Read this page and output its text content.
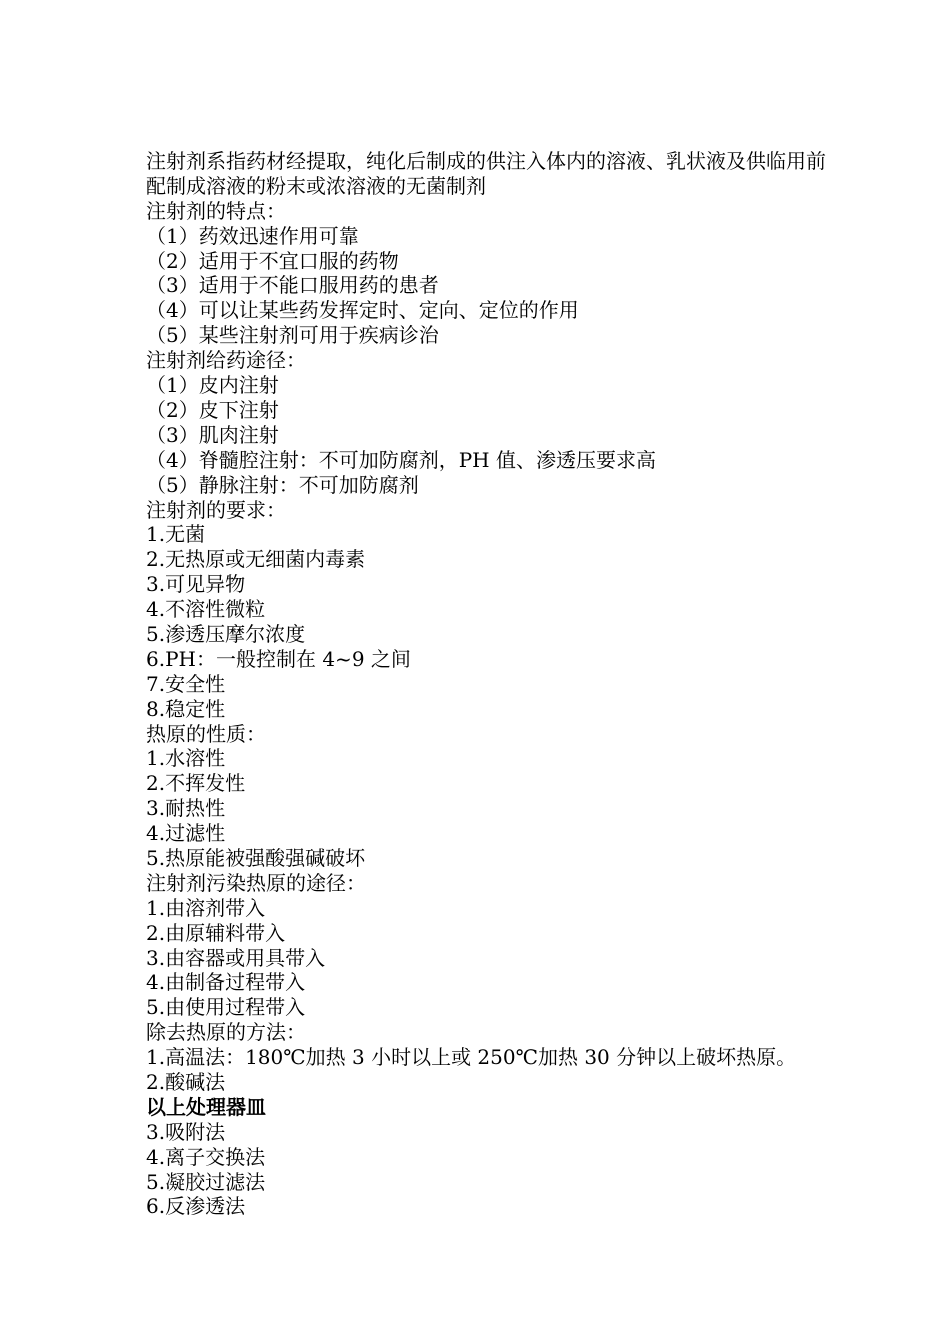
注射剂系指药材经提取，纯化后制成的供注入体内的溶液、乳状液及供临用前配制成溶液的粉末或浓溶液的无菌制剂

注射剂的特点：

（1）药效迅速作用可靠

（2）适用于不宜口服的药物

（3）适用于不能口服用药的患者

（4）可以让某些药发挥定时、定向、定位的作用

（5）某些注射剂可用于疾病诊治

注射剂给药途径：

（1）皮内注射

（2）皮下注射

（3）肌肉注射

（4）脊髓腔注射：不可加防腐剂，PH 值、渗透压要求高

（5）静脉注射：不可加防腐剂

注射剂的要求：

1.无菌

2.无热原或无细菌内毒素

3.可见异物

4.不溶性微粒

5.渗透压摩尔浓度

6.PH：一般控制在 4~9 之间

7.安全性

8.稳定性

热原的性质：

1.水溶性

2.不挥发性

3.耐热性

4.过滤性

5.热原能被强酸强碱破坏

注射剂污染热原的途径：

1.由溶剂带入

2.由原辅料带入

3.由容器或用具带入

4.由制备过程带入

5.由使用过程带入

除去热原的方法：

1.高温法：180℃加热 3 小时以上或 250℃加热 30 分钟以上破坏热原。

2.酸碱法

以上处理器皿

3.吸附法

4.离子交换法

5.凝胶过滤法

6.反渗透法
